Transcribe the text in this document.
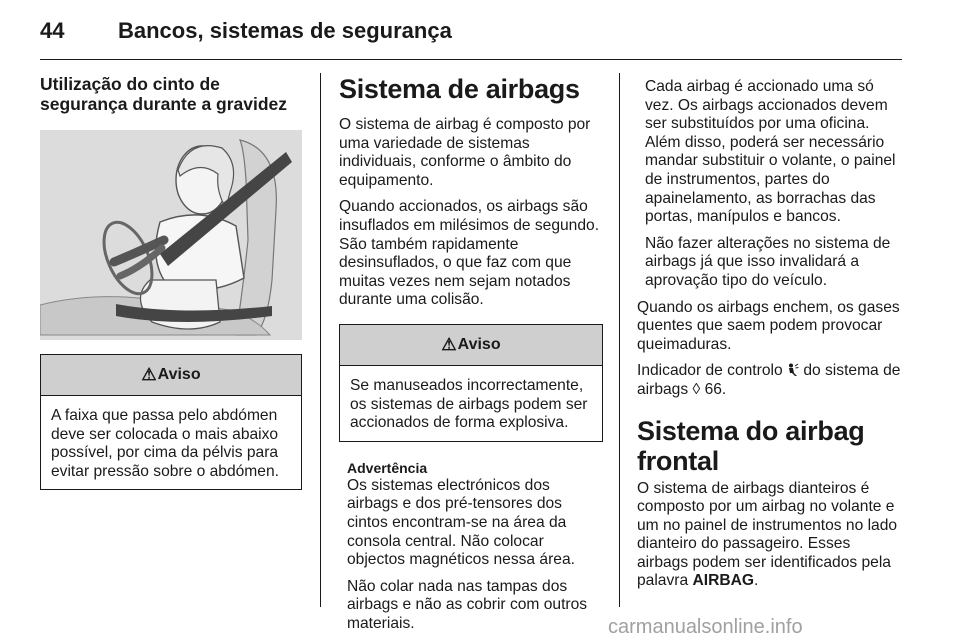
44 Bancos, sistemas de segurança
Utilização do cinto de segurança durante a gravidez
⚠ Aviso

A faixa que passa pelo abdómen deve ser colocada o mais abaixo possível, por cima da pélvis para evitar pressão sobre o abdómen.

Sistema de airbags

O sistema de airbag é composto por uma variedade de sistemas individuais, conforme o âmbito do equipamento.

Quando accionados, os airbags são insuflados em milésimos de segundo. São também rapidamente desinsuflados, o que faz com que muitas vezes nem sejam notados durante uma colisão.

⚠ Aviso

Se manuseados incorrectamente, os sistemas de airbags podem ser accionados de forma explosiva.

Advertência

Os sistemas electrónicos dos airbags e dos pré-tensores dos cintos encontram-se na área da consola central. Não colocar objectos magnéticos nessa área.

Não colar nada nas tampas dos airbags e não as cobrir com outros materiais.

Cada airbag é accionado uma só vez. Os airbags accionados devem ser substituídos por uma oficina. Além disso, poderá ser necessário mandar substituir o volante, o painel de instrumentos, partes do apainelamento, as borrachas das portas, manípulos e bancos.

Não fazer alterações no sistema de airbags já que isso invalidará a aprovação tipo do veículo.

Quando os airbags enchem, os gases quentes que saem podem provocar queimaduras.

Indicador de controlo do sistema de airbags ◊ 66.

Sistema do airbag frontal

O sistema de airbags dianteiros é composto por um airbag no volante e um no painel de instrumentos no lado dianteiro do passageiro. Esses airbags podem ser identificados pela palavra AIRBAG.

carmanualsonline.info
